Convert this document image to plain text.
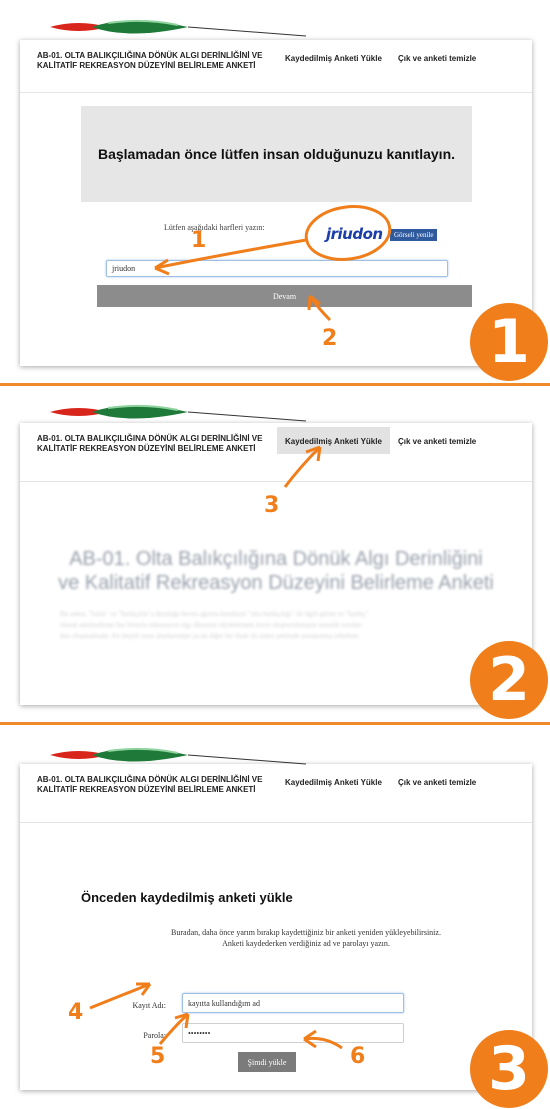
AB-01. OLTA BALIKÇILIĞINA DÖNÜK ALGI DERİNLİĞİNİ VE KALİTATİF REKREASYON DÜZEYİNİ BELİRLEME ANKETİ
Kaydedilmiş Anketi Yükle Çık ve anketi temizle
Başlamadan önce lütfen insan olduğunuzu kanıtlayın.
Lütfen aşağıdaki harfleri yazın:	jriudon	Görseli yenile
jriudon
Devam
1
2	1
AB-01. OLTA BALIKÇILIĞINA DÖNÜK ALGI DERİNLİĞİNİ VE KALİTATİF REKREASYON DÜZEYİNİ BELİRLEME ANKETİ
Kaydedilmiş Anketi Yükle	Çık ve anketi temizle
AB-01. Olta Balıkçılığına Dönük Algı Derinliğini
ve Kalitatif Rekreasyon Düzeyini Belirleme Anketi
Bu anket, "balık" ve "balıkçılık"a duyduğu heves ağırına kendisini "olta balıkçılığı" ile ilgili gören ve "balıkç"
olarak nitelendirme her bireyin rekreasyon algı düzeyini ölçümlemek üzere oluşturulmuştur tematik sorular-
dan oluşmaktadır. Ait ileştili sonu alanlarından ya da diğer bir ifade ile anket şeklinde şoruşturma sebebine
3
2
AB-01. OLTA BALIKÇILIĞINA DÖNÜK ALGI DERİNLİĞİNİ VE KALİTATİF REKREASYON DÜZEYİNİ BELİRLEME ANKETİ
Kaydedilmiş Anketi Yükle Çık ve anketi temizle
Önceden kaydedilmiş anketi yükle
Buradan, daha önce yarım bırakıp kaydettiğiniz bir anketi yeniden yükleyebilirsiniz.
Anketi kaydederken verdiğiniz ad ve parolayı yazın.
Kayıt Adı:	kayıtta kullandığım ad
Parola:	••••••••
Şimdi yükle
4
5	6	3
